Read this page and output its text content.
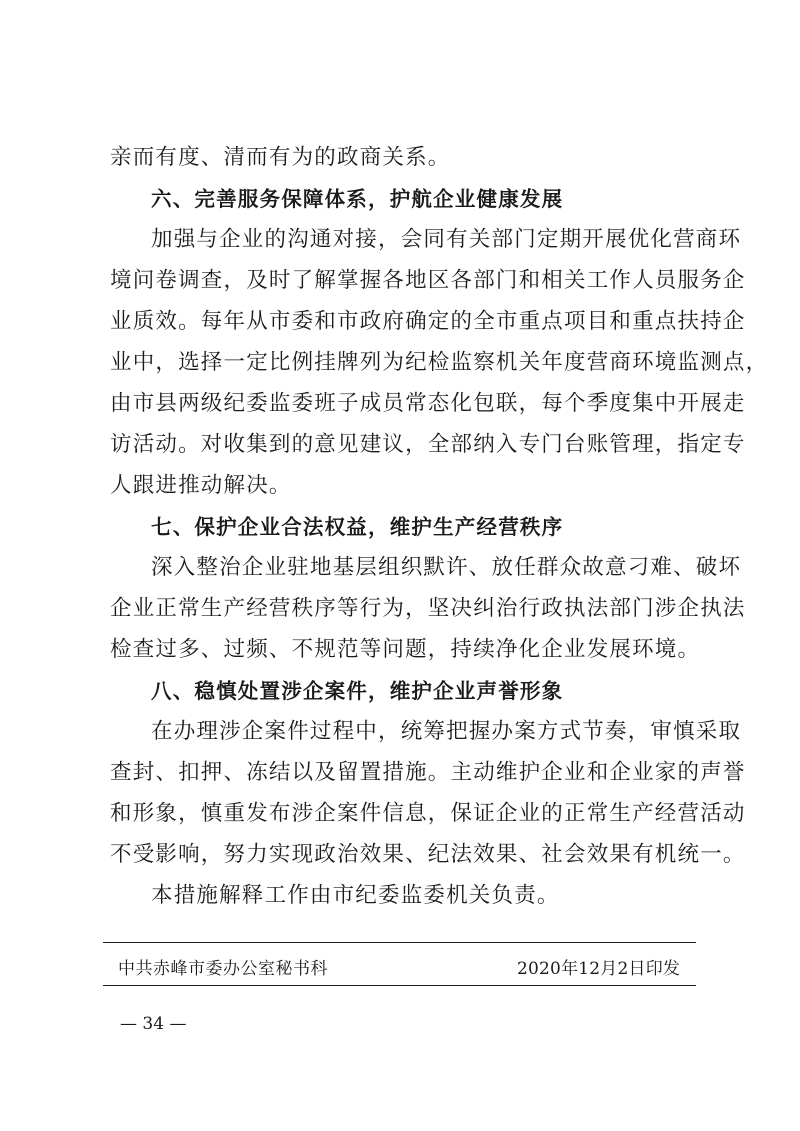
亲而有度、清而有为的政商关系。
六、完善服务保障体系，护航企业健康发展
加强与企业的沟通对接，会同有关部门定期开展优化营商环
境问卷调查，及时了解掌握各地区各部门和相关工作人员服务企
业质效。每年从市委和市政府确定的全市重点项目和重点扶持企
业中，选择一定比例挂牌列为纪检监察机关年度营商环境监测点，
由市县两级纪委监委班子成员常态化包联，每个季度集中开展走
访活动。对收集到的意见建议，全部纳入专门台账管理，指定专
人跟进推动解决。
七、保护企业合法权益，维护生产经营秩序
深入整治企业驻地基层组织默许、放任群众故意刁难、破坏
企业正常生产经营秩序等行为，坚决纠治行政执法部门涉企执法
检查过多、过频、不规范等问题，持续净化企业发展环境。
八、稳慎处置涉企案件，维护企业声誉形象
在办理涉企案件过程中，统筹把握办案方式节奏，审慎采取
查封、扣押、冻结以及留置措施。主动维护企业和企业家的声誉
和形象，慎重发布涉企案件信息，保证企业的正常生产经营活动
不受影响，努力实现政治效果、纪法效果、社会效果有机统一。
本措施解释工作由市纪委监委机关负责。
中共赤峰市委办公室秘书科	2020年12月2日印发
— 34 —
